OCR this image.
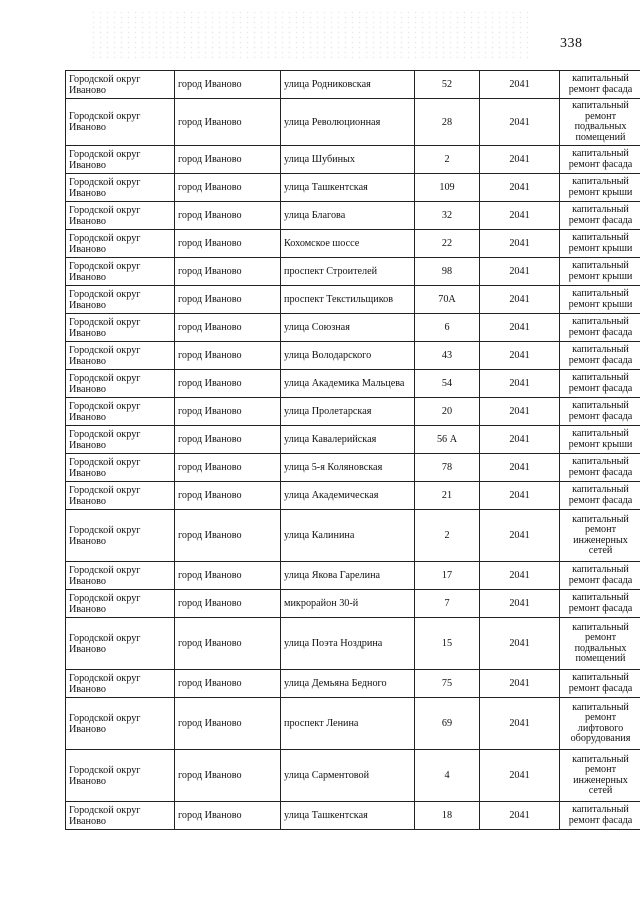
338
Городской округ Иваново	город Иваново	улица Родниковская	52	2041	капитальный ремонт фасада
Городской округ Иваново	город Иваново	улица Революционная	28	2041	капитальный ремонт подвальных помещений
Городской округ Иваново	город Иваново	улица Шубиных	2	2041	капитальный ремонт фасада
Городской округ Иваново	город Иваново	улица Ташкентская	109	2041	капитальный ремонт крыши
Городской округ Иваново	город Иваново	улица Благова	32	2041	капитальный ремонт фасада
Городской округ Иваново	город Иваново	Кохомское шоссе	22	2041	капитальный ремонт крыши
Городской округ Иваново	город Иваново	проспект Строителей	98	2041	капитальный ремонт крыши
Городской округ Иваново	город Иваново	проспект Текстильщиков	70А	2041	капитальный ремонт крыши
Городской округ Иваново	город Иваново	улица Союзная	6	2041	капитальный ремонт фасада
Городской округ Иваново	город Иваново	улица Володарского	43	2041	капитальный ремонт фасада
Городской округ Иваново	город Иваново	улица Академика Мальцева	54	2041	капитальный ремонт фасада
Городской округ Иваново	город Иваново	улица Пролетарская	20	2041	капитальный ремонт фасада
Городской округ Иваново	город Иваново	улица Кавалерийская	56 А	2041	капитальный ремонт крыши
Городской округ Иваново	город Иваново	улица 5-я Коляновская	78	2041	капитальный ремонт фасада
Городской округ Иваново	город Иваново	улица Академическая	21	2041	капитальный ремонт фасада
Городской округ Иваново	город Иваново	улица Калинина	2	2041	капитальный ремонт инженерных сетей
Городской округ Иваново	город Иваново	улица Якова Гарелина	17	2041	капитальный ремонт фасада
Городской округ Иваново	город Иваново	микрорайон 30-й	7	2041	капитальный ремонт фасада
Городской округ Иваново	город Иваново	улица Поэта Ноздрина	15	2041	капитальный ремонт подвальных помещений
Городской округ Иваново	город Иваново	улица Демьяна Бедного	75	2041	капитальный ремонт фасада
Городской округ Иваново	город Иваново	проспект Ленина	69	2041	капитальный ремонт лифтового оборудования
Городской округ Иваново	город Иваново	улица Сарментовой	4	2041	капитальный ремонт инженерных сетей
Городской округ Иваново	город Иваново	улица Ташкентская	18	2041	капитальный ремонт фасада
